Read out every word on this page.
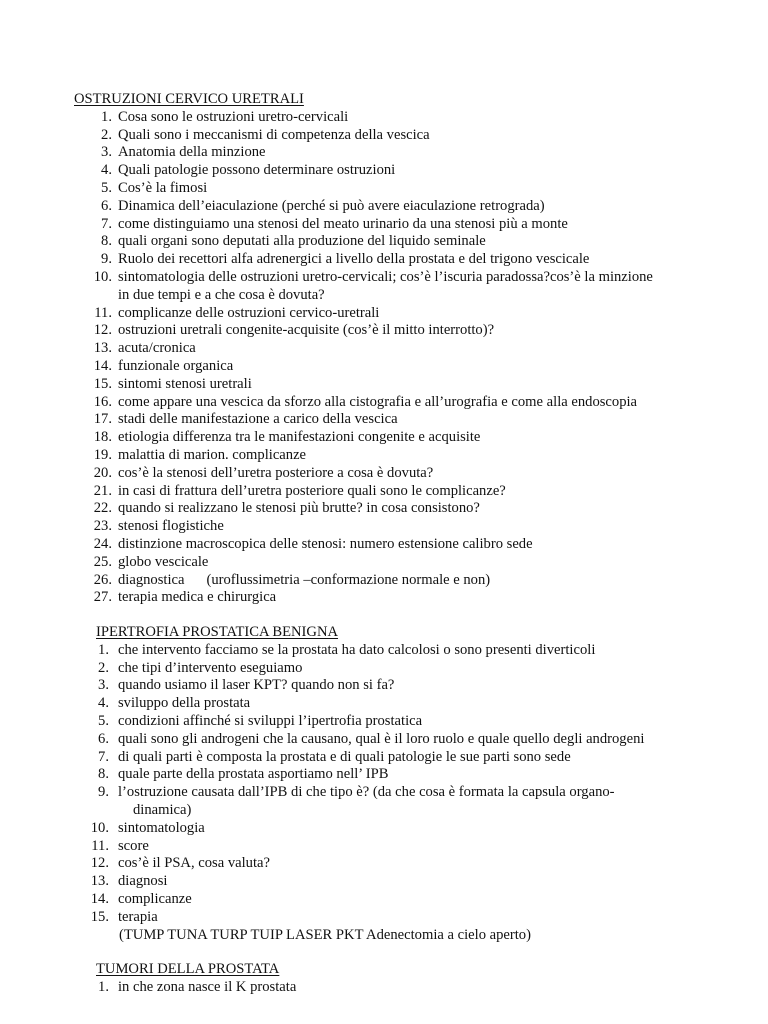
OSTRUZIONI CERVICO URETRALI
1. Cosa sono le ostruzioni uretro-cervicali
2. Quali sono i meccanismi di competenza della vescica
3. Anatomia della minzione
4. Quali patologie possono determinare ostruzioni
5. Cos’è la fimosi
6. Dinamica dell’eiaculazione (perché si può avere eiaculazione retrograda)
7. come distinguiamo una stenosi del meato urinario da una stenosi più a monte
8. quali organi sono deputati alla produzione del liquido seminale
9. Ruolo dei recettori alfa adrenergici a livello della prostata e del trigono vescicale
10. sintomatologia delle ostruzioni uretro-cervicali; cos’è l’iscuria paradossa?cos’è la minzione
in due tempi e a che cosa è dovuta?
11. complicanze delle ostruzioni cervico-uretrali
12. ostruzioni uretrali congenite-acquisite (cos’è il mitto interrotto)?
13. acuta/cronica
14. funzionale organica
15. sintomi stenosi uretrali
16. come appare una vescica da sforzo alla cistografia e all’urografia e come alla endoscopia
17. stadi delle manifestazione a carico della vescica
18. etiologia differenza tra le manifestazioni congenite e acquisite
19. malattia di marion. complicanze
20. cos’è la stenosi dell’uretra posteriore a cosa è dovuta?
21. in casi di frattura dell’uretra posteriore quali sono le complicanze?
22. quando si realizzano le stenosi più brutte? in cosa consistono?
23. stenosi flogistiche
24. distinzione macroscopica delle stenosi: numero estensione calibro sede
25. globo vescicale
26. diagnostica (uroflussimetria –conformazione normale e non)
27. terapia medica e chirurgica
IPERTROFIA PROSTATICA BENIGNA
1. che intervento facciamo se la prostata ha dato calcolosi o sono presenti diverticoli
2. che tipi d’intervento eseguiamo
3. quando usiamo il laser KPT? quando non si fa?
4. sviluppo della prostata
5. condizioni affinché si sviluppi l’ipertrofia prostatica
6. quali sono gli androgeni che la causano, qual è il loro ruolo e quale quello degli androgeni
7. di quali parti è composta la prostata e di quali patologie le sue parti sono sede
8. quale parte della prostata asportiamo nell’ IPB
9. l’ostruzione causata dall’IPB di che tipo è? (da che cosa è formata la capsula organo-
dinamica)
10. sintomatologia
11. score
12. cos’è il PSA, cosa valuta?
13. diagnosi
14. complicanze
15. terapia
(TUMP TUNA TURP TUIP LASER PKT Adenectomia a cielo aperto)
TUMORI DELLA PROSTATA
1. in che zona nasce il K prostata
